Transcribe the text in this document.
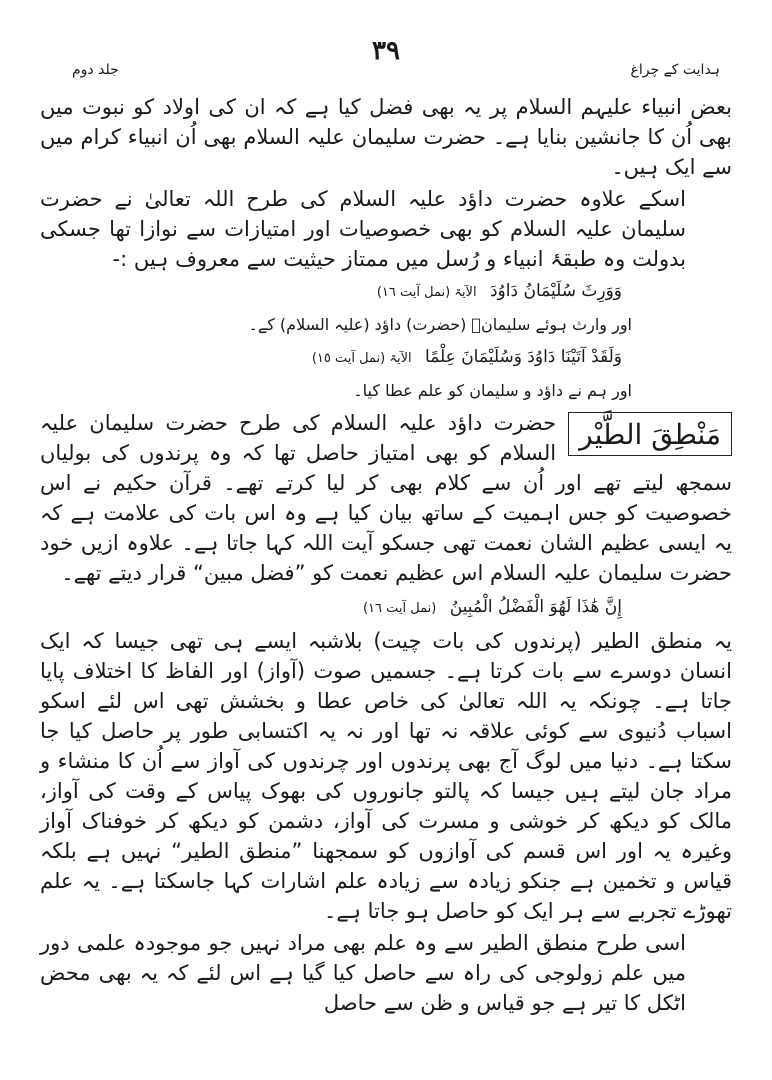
٣٩
ہدایت کے چراغ
جلد دوم

بعض انبیاء علیہم السلام پر یہ بھی فضل کیا ہے کہ ان کی اولاد کو نبوت میں بھی اُن کا جانشین بنایا ہے۔ حضرت سلیمان علیہ السلام بھی اُن انبیاء کرام میں سے ایک ہیں۔

اسکے علاوہ حضرت داؤد علیہ السلام کی طرح اللہ تعالیٰ نے حضرت سلیمان علیہ السلام کو بھی خصوصیات اور امتیازات سے نوازا تھا جسکی بدولت وہ طبقۂ انبیاء و رُسل میں ممتاز حیثیت سے معروف ہیں :-

وَوَرِثَ سُلَيْمَانُ دَاوُدَ الآیۃ (نمل آیت ١٦)

اور وارث ہوئے سلیمانؑ (حضرت) داؤد (علیہ السلام) کے۔

وَلَقَدْ آتَيْنَا دَاوُدَ وَسُلَيْمَانَ عِلْمًا الآیۃ (نمل آیت ١٥)

اور ہم نے داؤد و سلیمان کو علم عطا کیا۔

مَنْطِقَ الطَّيْر

حضرت داؤد علیہ السلام کی طرح حضرت سلیمان علیہ السلام کو بھی امتیاز حاصل تھا کہ وہ پرندوں کی بولیاں سمجھ لیتے تھے اور اُن سے کلام بھی کر لیا کرتے تھے۔ قرآن حکیم نے اس خصوصیت کو جس اہمیت کے ساتھ بیان کیا ہے وہ اس بات کی علامت ہے کہ یہ ایسی عظیم الشان نعمت تھی جسکو آیت اللہ کہا جاتا ہے۔ علاوہ ازیں خود حضرت سلیمان علیہ السلام اس عظیم نعمت کو ”فضل مبین“ قرار دیتے تھے۔

إِنَّ هَٰذَا لَهُوَ الْفَضْلُ الْمُبِينُ (نمل آیت ١٦)

یہ منطق الطیر (پرندوں کی بات چیت) بلاشبہ ایسے ہی تھی جیسا کہ ایک انسان دوسرے سے بات کرتا ہے۔ جسمیں صوت (آواز) اور الفاظ کا اختلاف پایا جاتا ہے۔ چونکہ یہ اللہ تعالیٰ کی خاص عطا و بخشش تھی اس لئے اسکو اسباب دُنیوی سے کوئی علاقہ نہ تھا اور نہ یہ اکتسابی طور پر حاصل کیا جا سکتا ہے۔ دنیا میں لوگ آج بھی پرندوں اور چرندوں کی آواز سے اُن کا منشاء و مراد جان لیتے ہیں جیسا کہ پالتو جانوروں کی بھوک پیاس کے وقت کی آواز، مالک کو دیکھ کر خوشی و مسرت کی آواز، دشمن کو دیکھ کر خوفناک آواز وغیرہ یہ اور اس قسم کی آوازوں کو سمجھنا ”منطق الطیر“ نہیں ہے بلکہ قیاس و تخمین ہے جنکو زیادہ سے زیادہ علم اشارات کہا جاسکتا ہے۔ یہ علم تھوڑے تجربے سے ہر ایک کو حاصل ہو جاتا ہے۔

اسی طرح منطق الطیر سے وہ علم بھی مراد نہیں جو موجودہ علمی دور میں علم زولوجی کی راہ سے حاصل کیا گیا ہے اس لئے کہ یہ بھی محض اٹکل کا تیر ہے جو قیاس و ظن سے حاصل
